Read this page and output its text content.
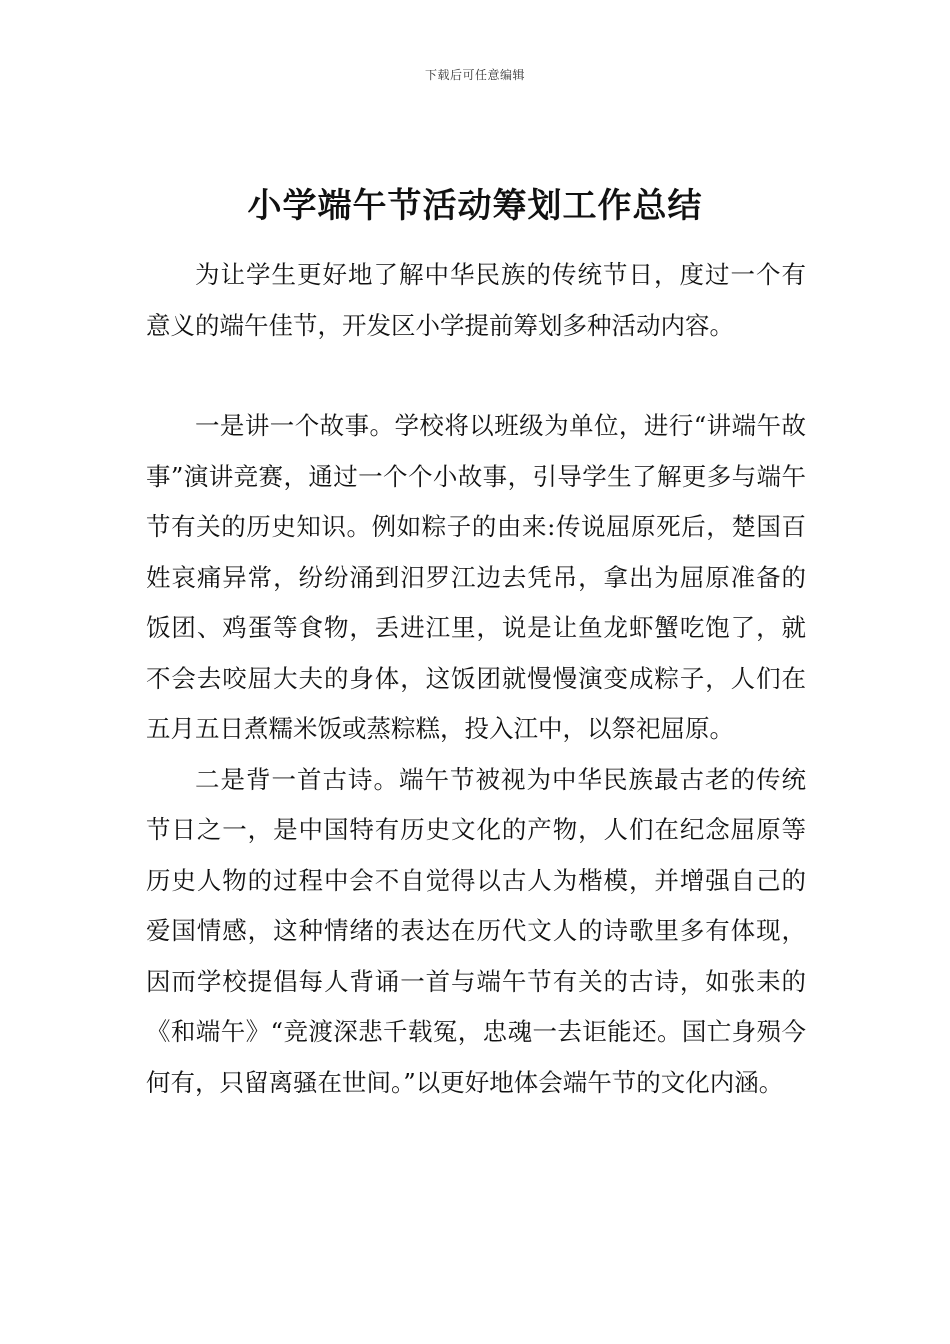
下载后可任意编辑
小学端午节活动筹划工作总结

为让学生更好地了解中华民族的传统节日，度过一个有意义的端午佳节，开发区小学提前筹划多种活动内容。

一是讲一个故事。学校将以班级为单位，进行“讲端午故事”演讲竞赛，通过一个个小故事，引导学生了解更多与端午节有关的历史知识。例如粽子的由来:传说屈原死后，楚国百姓哀痛异常，纷纷涌到汨罗江边去凭吊，拿出为屈原准备的饭团、鸡蛋等食物，丢进江里，说是让鱼龙虾蟹吃饱了，就不会去咬屈大夫的身体，这饭团就慢慢演变成粽子，人们在五月五日煮糯米饭或蒸粽糕，投入江中，以祭祀屈原。

二是背一首古诗。端午节被视为中华民族最古老的传统节日之一，是中国特有历史文化的产物，人们在纪念屈原等历史人物的过程中会不自觉得以古人为楷模，并增强自己的爱国情感，这种情绪的表达在历代文人的诗歌里多有体现，因而学校提倡每人背诵一首与端午节有关的古诗，如张耒的《和端午》“竞渡深悲千载冤，忠魂一去讵能还。国亡身殒今何有，只留离骚在世间。”以更好地体会端午节的文化内涵。
